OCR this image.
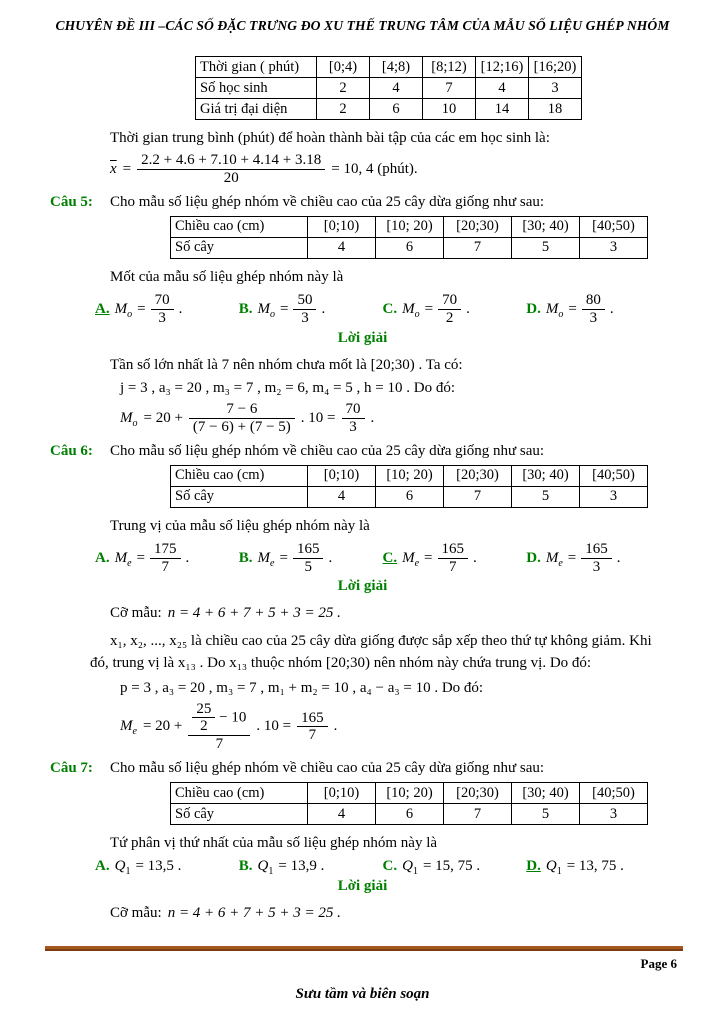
CHUYÊN ĐỀ III –CÁC SỐ ĐẶC TRƯNG ĐO XU THẾ TRUNG TÂM CỦA MẪU SỐ LIỆU GHÉP NHÓM
Thời gian ( phút)	[0;4)	[4;8)	[8;12)	[12;16)	[16;20)
Số học sinh	2	4	7	4	3
Giá trị đại diện	2	6	10	14	18
Thời gian trung bình (phút) để hoàn thành bài tập của các em học sinh là:
$\overline{x} = \frac{2.2 + 4.6 + 7.10 + 4.14 + 3.18}{20} = 10$, 4 (phút).
Câu 5:	Cho mẫu số liệu ghép nhóm về chiều cao của 25 cây dừa giống như sau:
Chiều cao (cm)	[0;10)	[10; 20)	[20;30)	[30; 40)	[40;50)
Số cây	4	6	7	5	3
Mốt của mẫu số liệu ghép nhóm này là
A. $M_o = \frac{70}{3}$ .	B. $M_o = \frac{50}{3}$ .	C. $M_o = \frac{70}{2}$ .	D. $M_o = \frac{80}{3}$ .
Lời giải
Tần số lớn nhất là 7 nên nhóm chưa mốt là [20;30) . Ta có:
j = 3 , a₃ = 20 , m₃ = 7 , m₂ = 6, m₄ = 5 , h = 10 . Do đó:
$M_o = 20 + \frac{7 - 6}{(7 - 6) + (7 - 5)}$ . $10 = \frac{70}{3}$ .
Câu 6:	Cho mẫu số liệu ghép nhóm về chiều cao của 25 cây dừa giống như sau:
Chiều cao (cm)	[0;10)	[10; 20)	[20;30)	[30; 40)	[40;50)
Số cây	4	6	7	5	3
Trung vị của mẫu số liệu ghép nhóm này là
A. $M_e = \frac{175}{7}$ .	B. $M_e = \frac{165}{5}$ .	C. $M_e = \frac{165}{7}$ .	D. $M_e = \frac{165}{3}$ .
Lời giải
Cỡ mẫu: n = 4 + 6 + 7 + 5 + 3 = 25 .
x₁, x₂, ..., x₂₅ là chiều cao của 25 cây dừa giống được sắp xếp theo thứ tự không giảm. Khi đó, trung vị là x₁₃ . Do x₁₃ thuộc nhóm [20;30) nên nhóm này chứa trung vị. Do đó:
p = 3 , a₃ = 20 , m₃ = 7 , m₁ + m₂ = 10 , a₄ − a₃ = 10 . Do đó:
$M_e = 20 + \frac{\frac{25}{2} - 10}{7}$ . $10 = \frac{165}{7}$ .
Câu 7:	Cho mẫu số liệu ghép nhóm về chiều cao của 25 cây dừa giống như sau:
Chiều cao (cm)	[0;10)	[10; 20)	[20;30)	[30; 40)	[40;50)
Số cây	4	6	7	5	3
Tứ phân vị thứ nhất của mẫu số liệu ghép nhóm này là
A. $Q_1 = 13,5$ .	B. $Q_1 = 13,9$ .	C. $Q_1 = 15$, 75 .	D. $Q_1 = 13$, 75 .
Lời giải
Cỡ mẫu: n = 4 + 6 + 7 + 5 + 3 = 25 .
Page 6
Sưu tầm và biên soạn
